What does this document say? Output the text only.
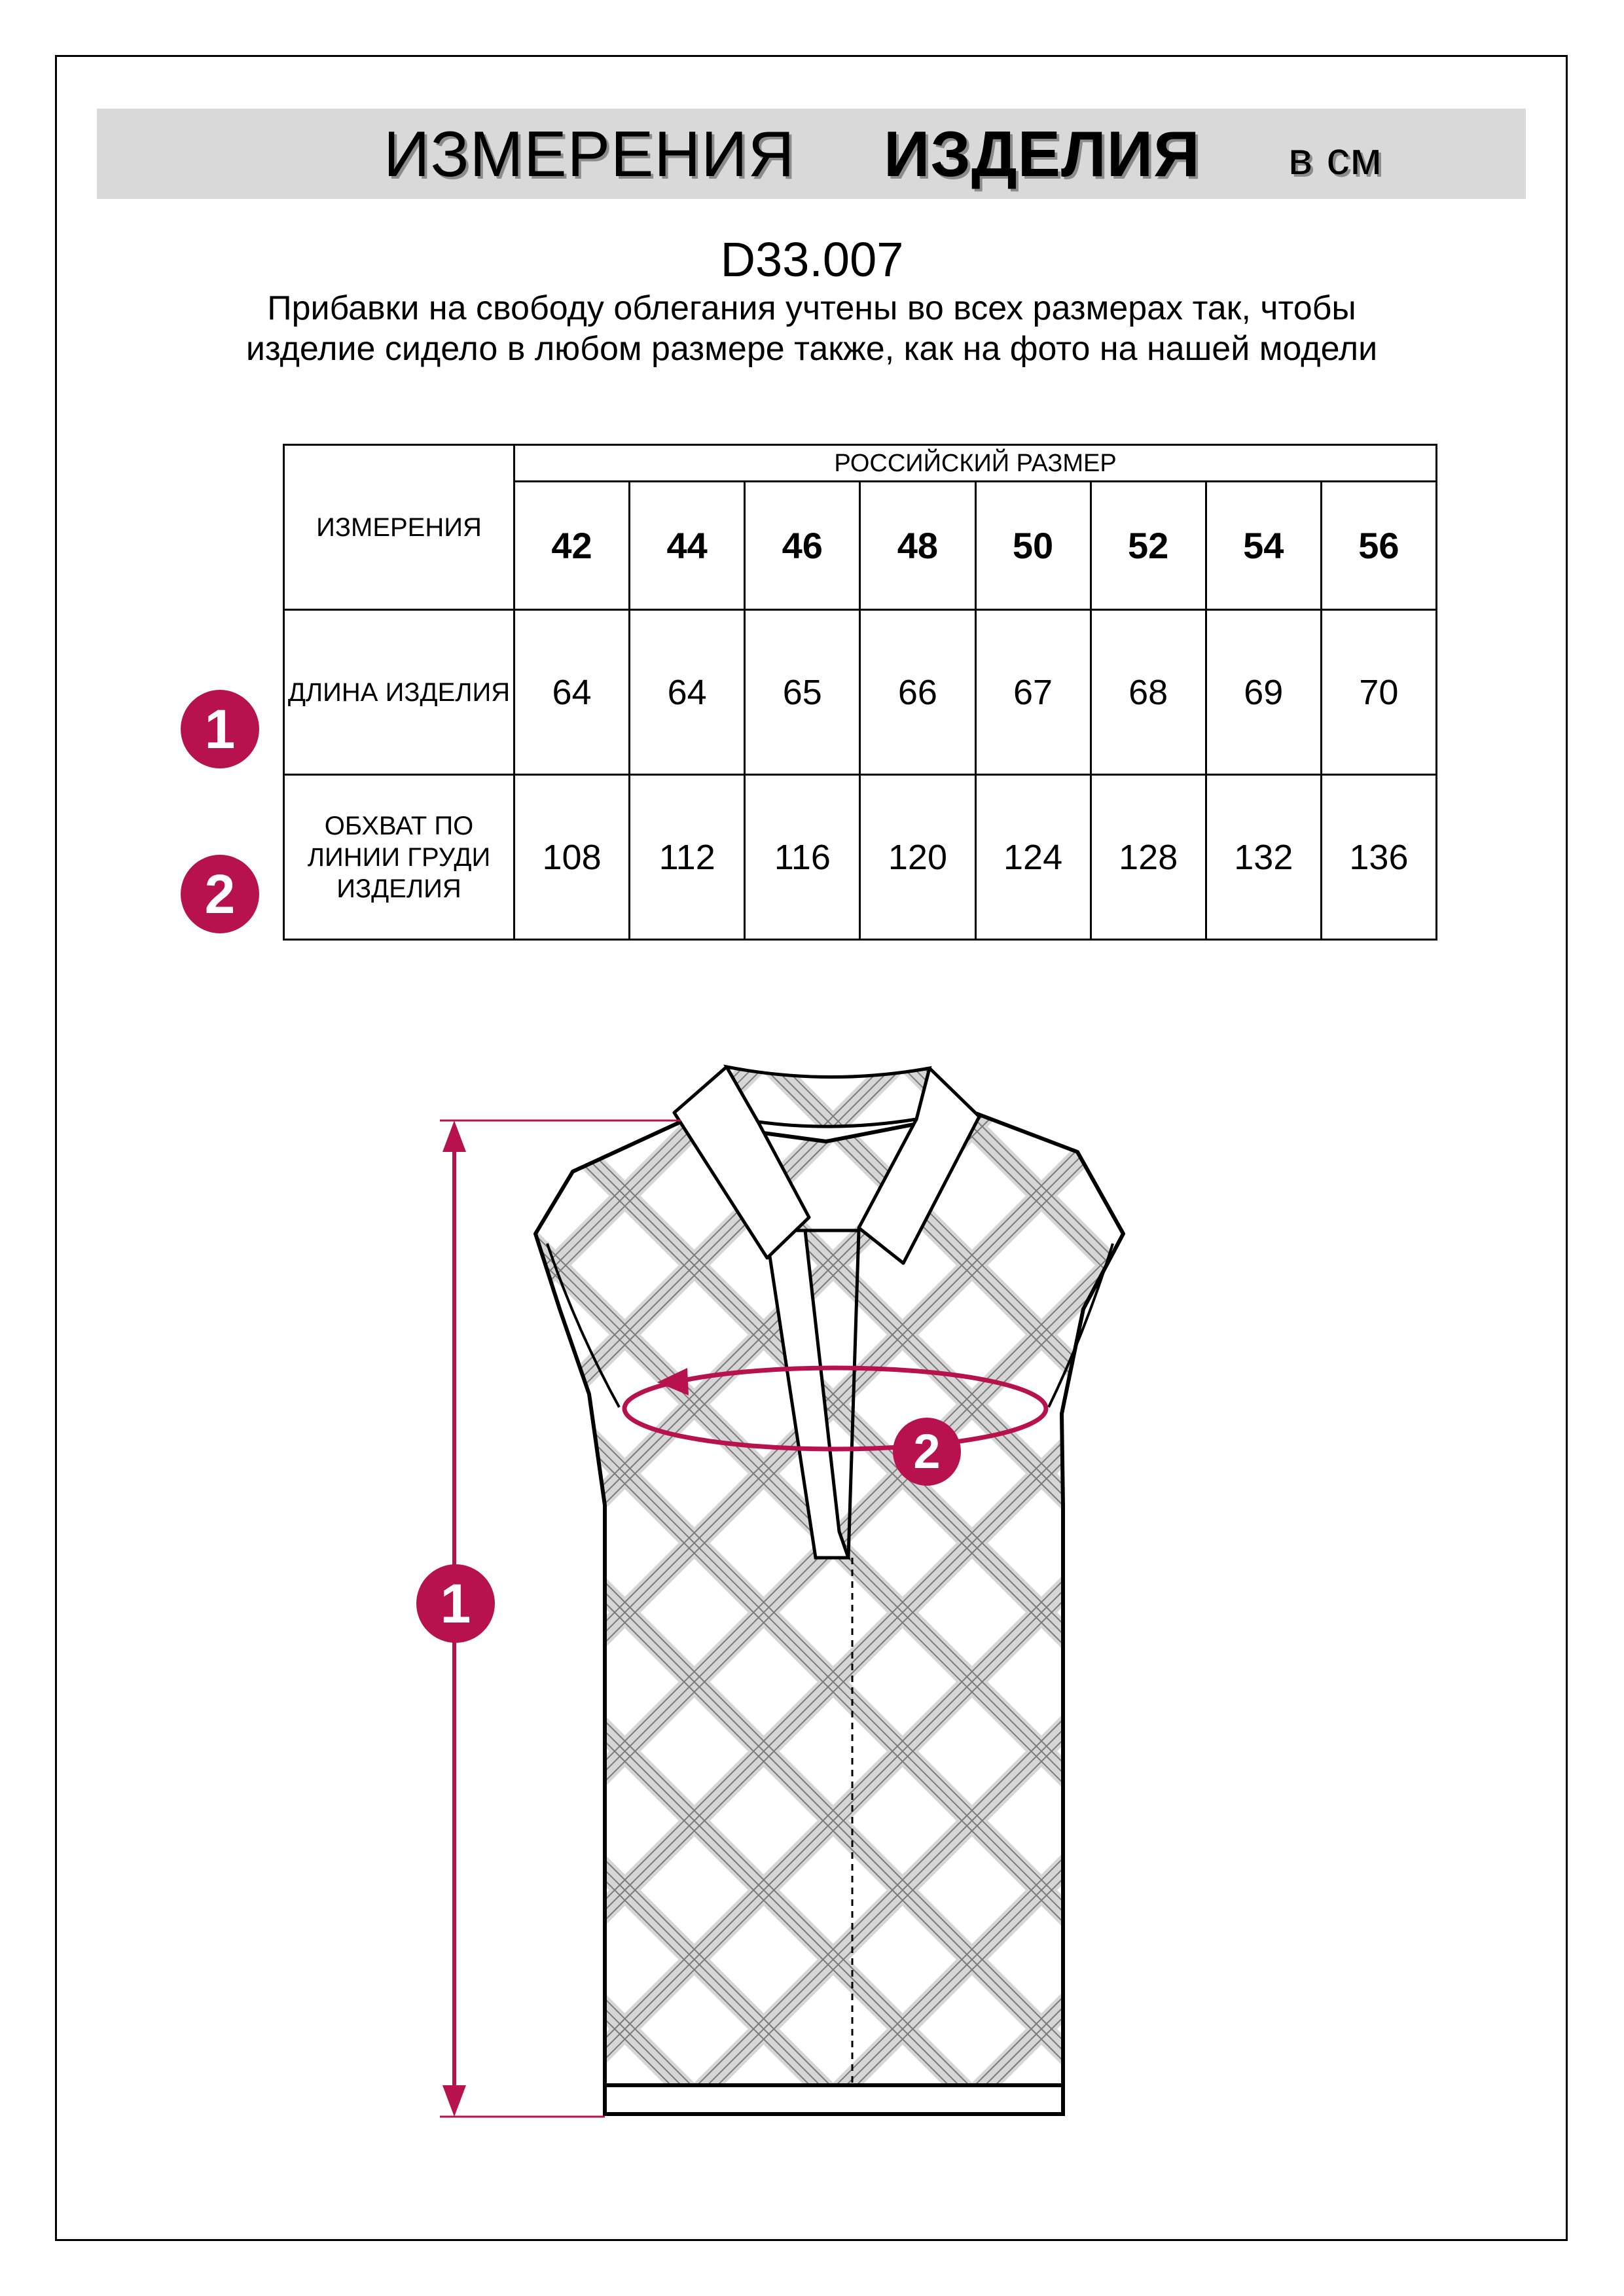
ИЗМЕРЕНИЯ ИЗДЕЛИЯ в см
D33.007
Прибавки на свободу облегания учтены во всех размерах так, чтобы изделие сидело в любом размере также, как на фото на нашей модели
ИЗМЕРЕНИЯ	РОССИЙСКИЙ РАЗМЕР							
	42	44	46	48	50	52	54	56
ДЛИНА ИЗДЕЛИЯ	64	64	65	66	67	68	69	70
ОБХВАТ ПО ЛИНИИ ГРУДИ ИЗДЕЛИЯ	108	112	116	120	124	128	132	136
1
2
1
2
